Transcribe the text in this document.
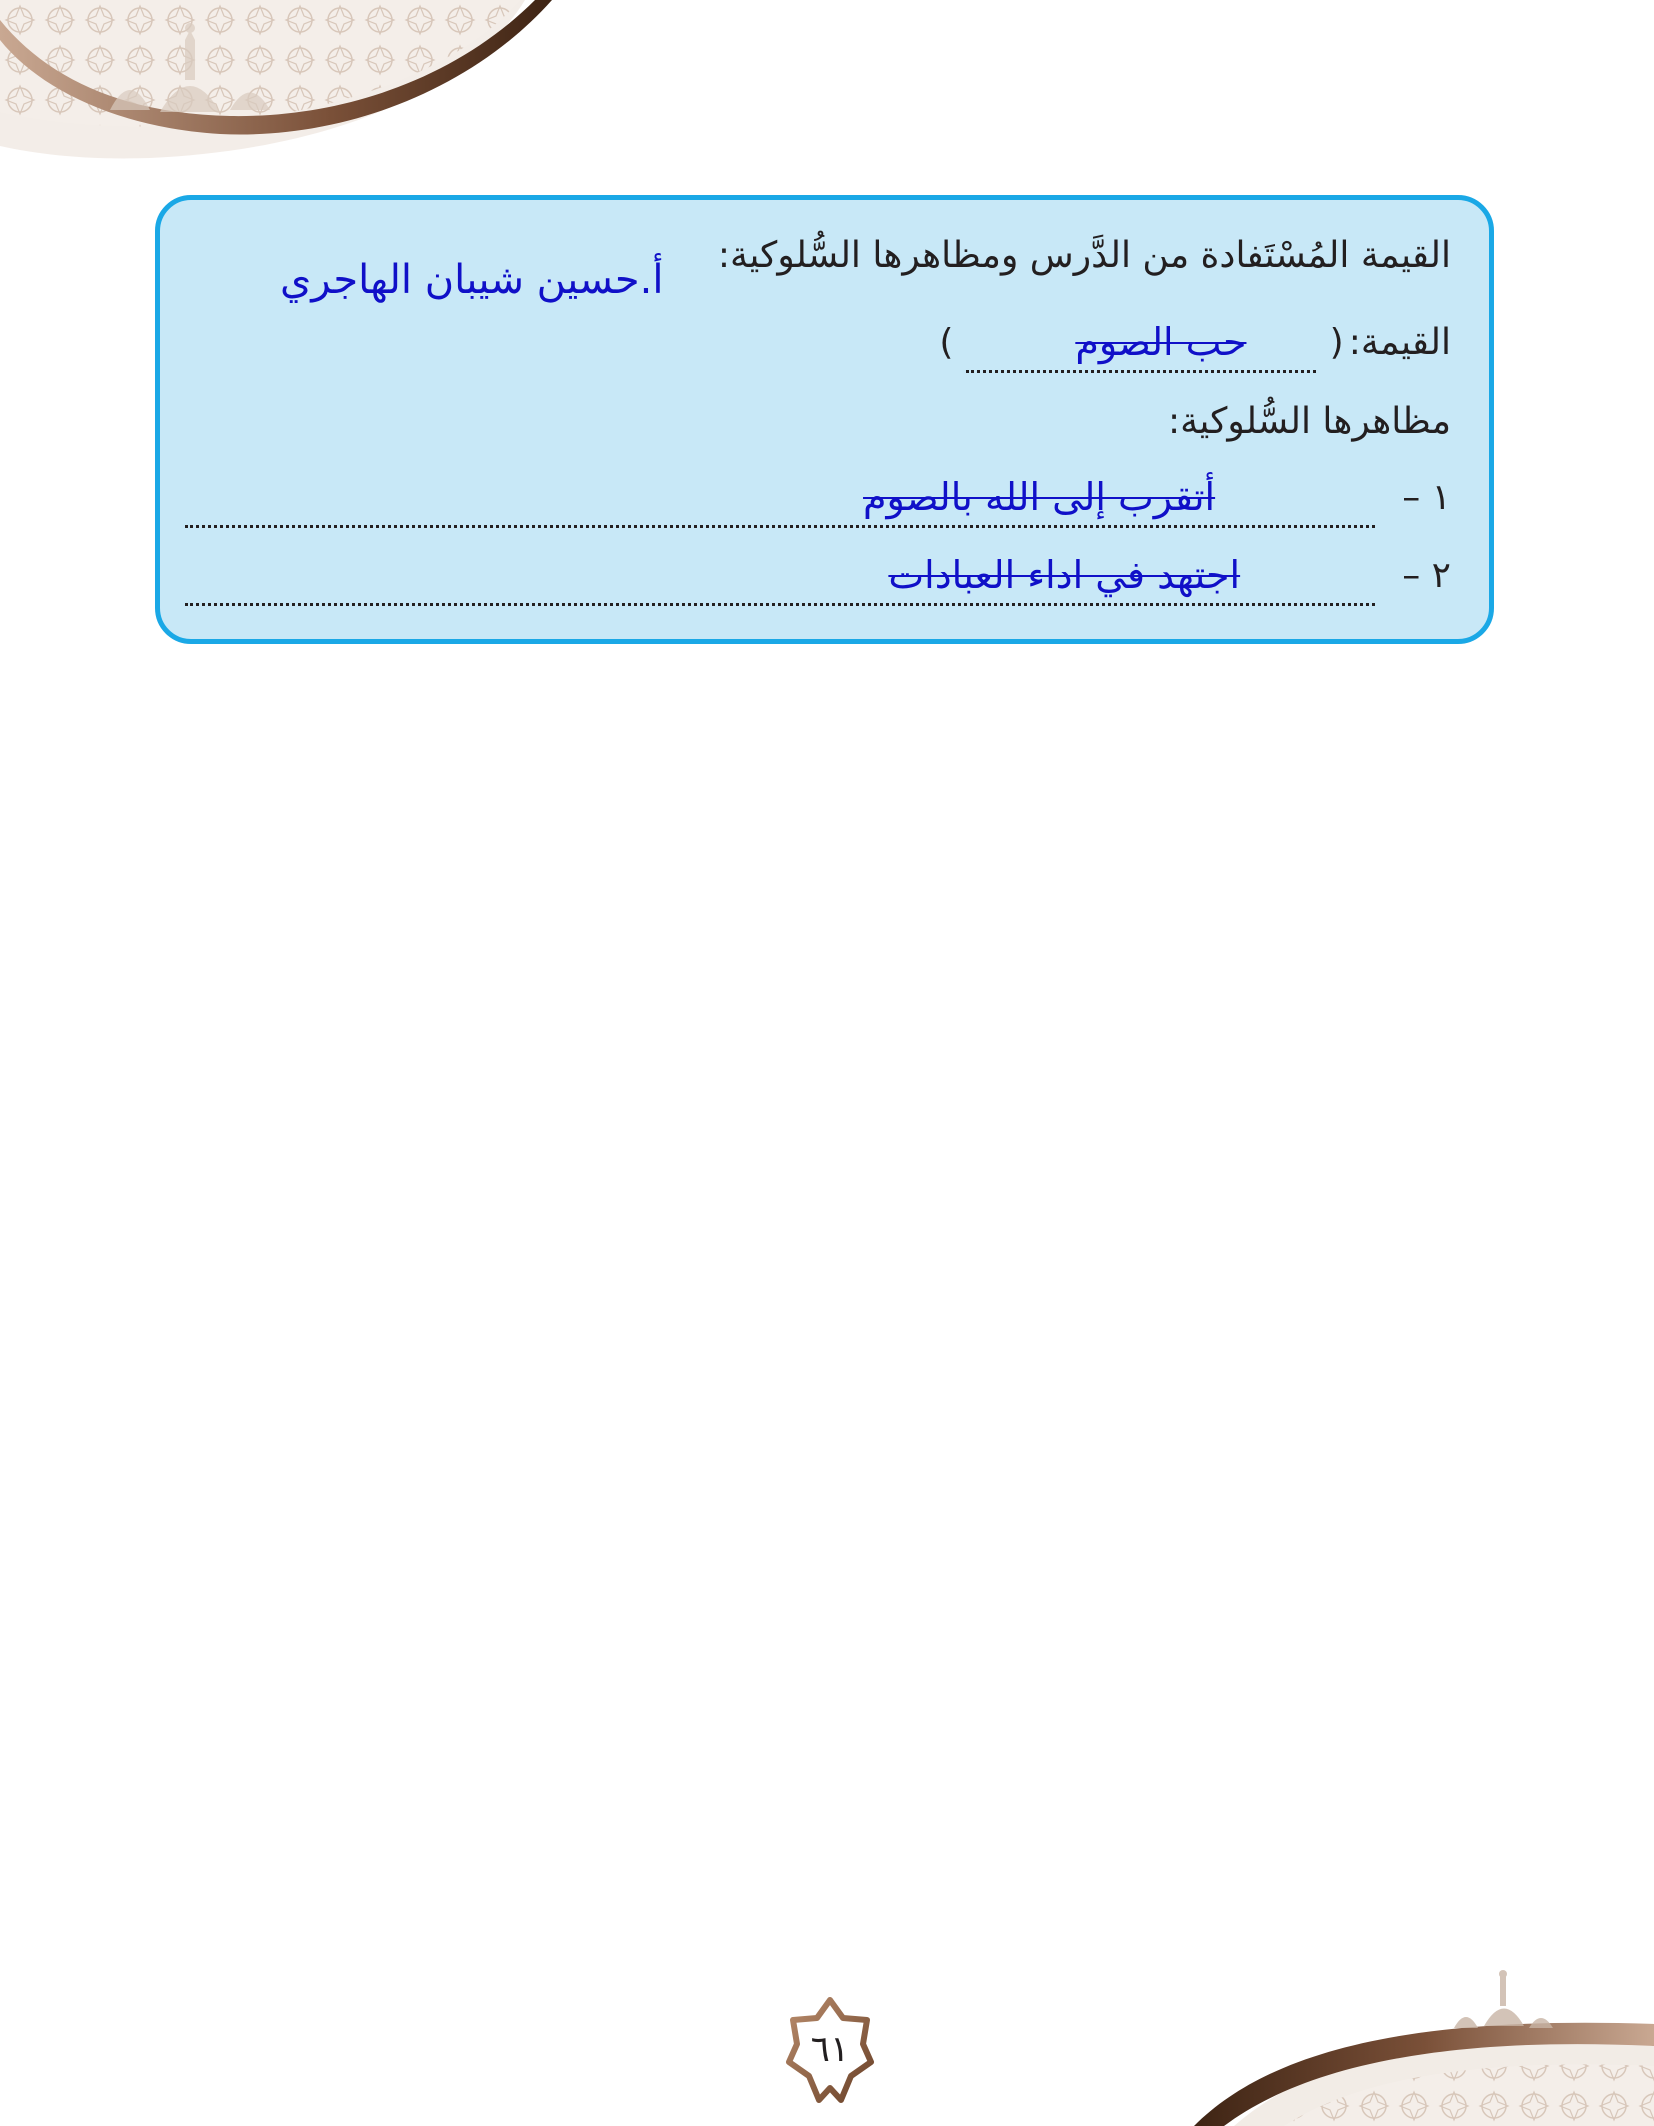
القيمة المُسْتَفادة من الدَّرس ومظاهرها السُّلوكية:
أ.حسين شيبان الهاجري
القيمة: (
حب الصوم
)
مظاهرها السُّلوكية:
١ –
أتقرب إلى الله بالصوم
٢ –
اجتهد في اداء العبادات
٦١
